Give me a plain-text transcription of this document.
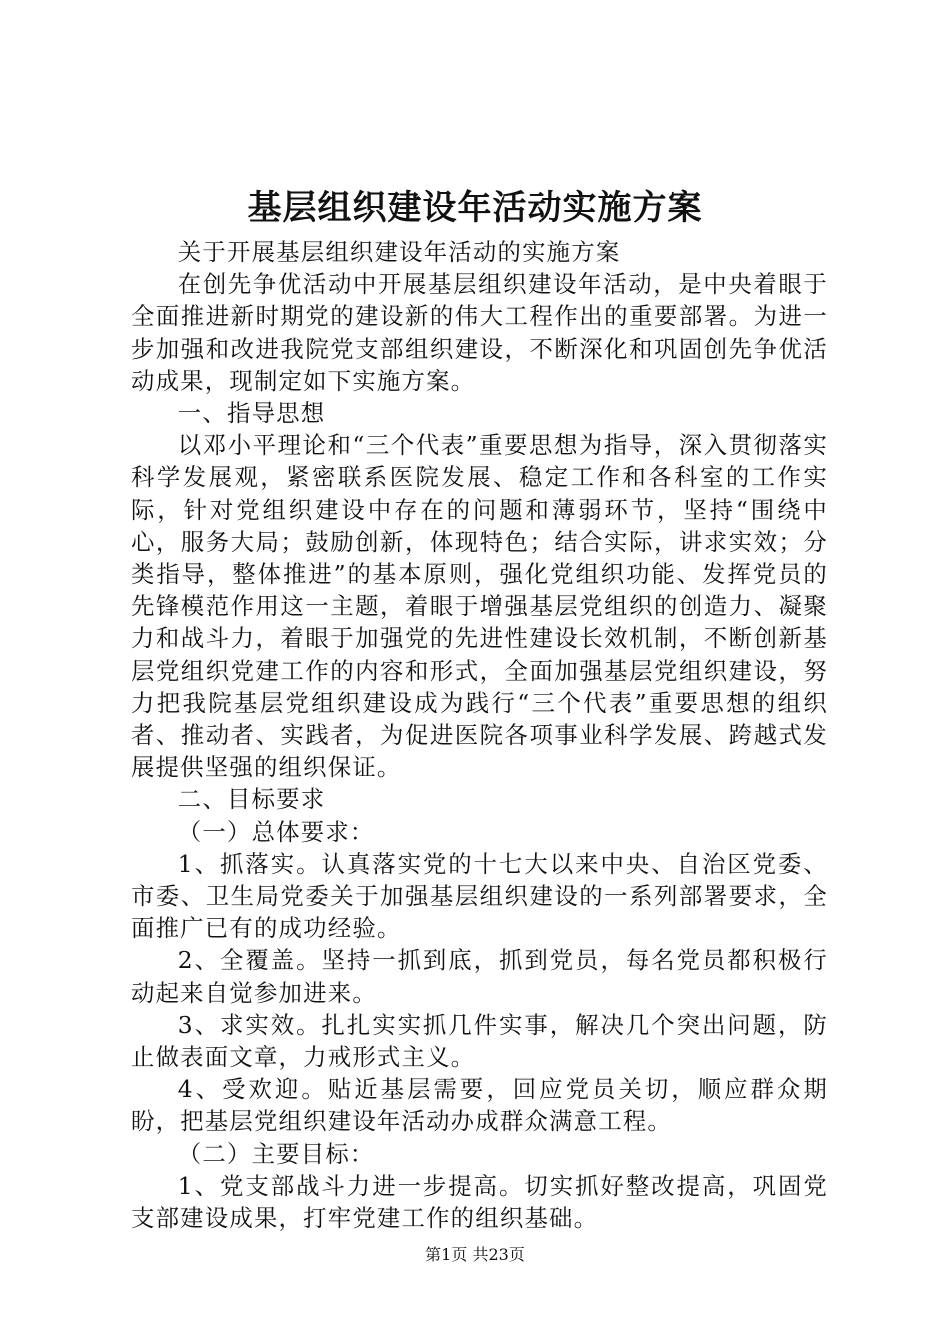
基层组织建设年活动实施方案

关于开展基层组织建设年活动的实施方案

在创先争优活动中开展基层组织建设年活动，是中央着眼于全面推进新时期党的建设新的伟大工程作出的重要部署。为进一步加强和改进我院党支部组织建设，不断深化和巩固创先争优活动成果，现制定如下实施方案。

一、指导思想

以邓小平理论和“三个代表”重要思想为指导，深入贯彻落实科学发展观，紧密联系医院发展、稳定工作和各科室的工作实际，针对党组织建设中存在的问题和薄弱环节，坚持“围绕中心，服务大局；鼓励创新，体现特色；结合实际，讲求实效；分类指导，整体推进”的基本原则，强化党组织功能、发挥党员的先锋模范作用这一主题，着眼于增强基层党组织的创造力、凝聚力和战斗力，着眼于加强党的先进性建设长效机制，不断创新基层党组织党建工作的内容和形式，全面加强基层党组织建设，努力把我院基层党组织建设成为践行“三个代表”重要思想的组织者、推动者、实践者，为促进医院各项事业科学发展、跨越式发展提供坚强的组织保证。

二、目标要求

（一）总体要求：

1、抓落实。认真落实党的十七大以来中央、自治区党委、市委、卫生局党委关于加强基层组织建设的一系列部署要求，全面推广已有的成功经验。

2、全覆盖。坚持一抓到底，抓到党员，每名党员都积极行动起来自觉参加进来。

3、求实效。扎扎实实抓几件实事，解决几个突出问题，防止做表面文章，力戒形式主义。

4、受欢迎。贴近基层需要，回应党员关切，顺应群众期盼，把基层党组织建设年活动办成群众满意工程。

（二）主要目标：

1、党支部战斗力进一步提高。切实抓好整改提高，巩固党支部建设成果，打牢党建工作的组织基础。

第1页 共23页
